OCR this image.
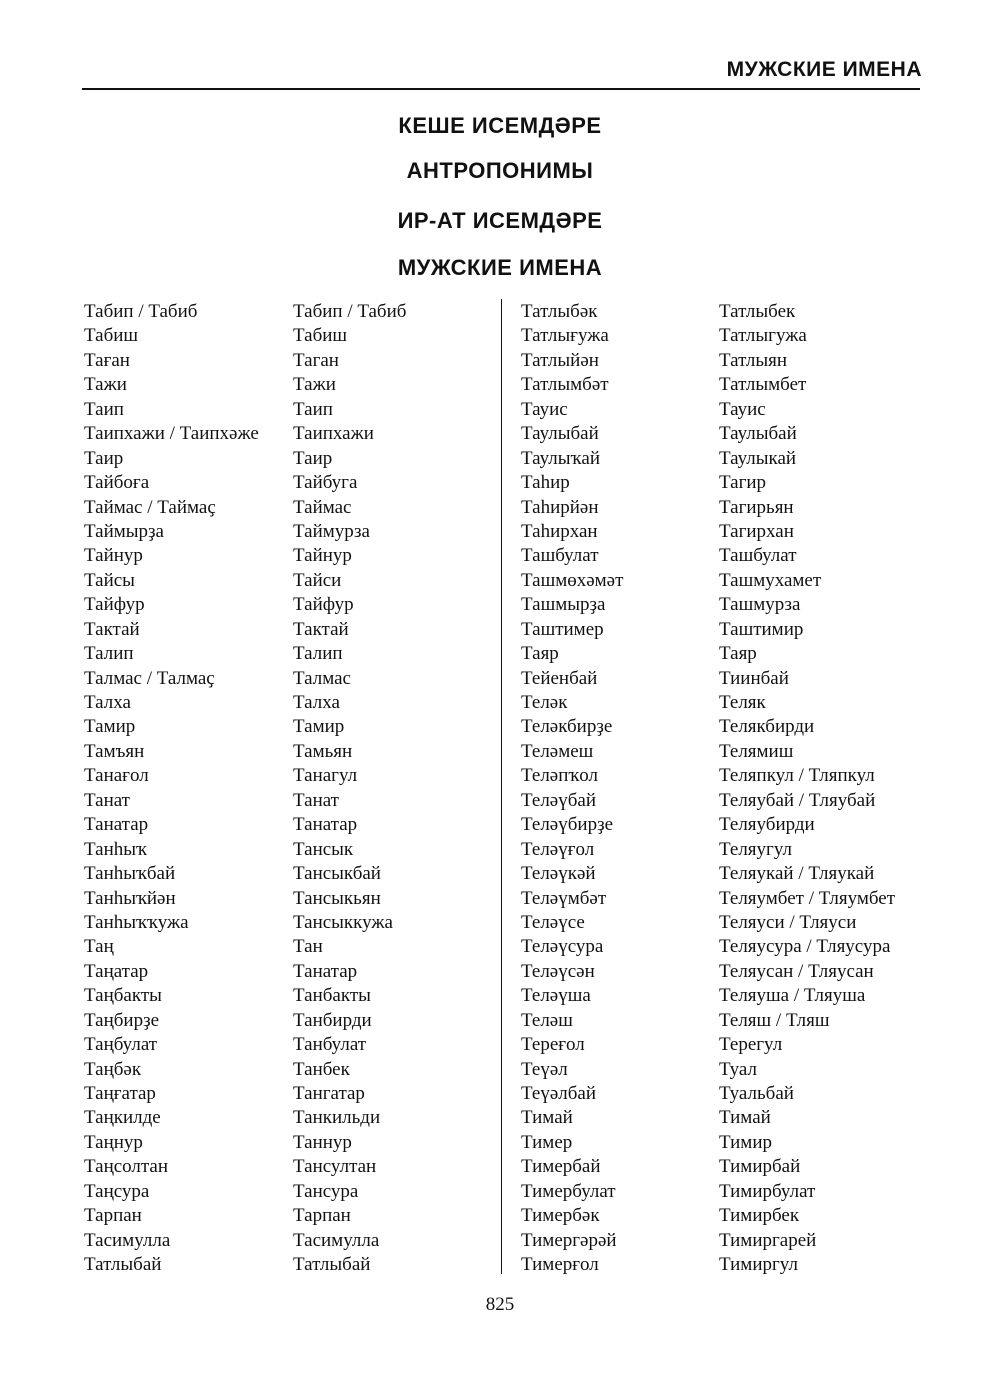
МУЖСКИЕ ИМЕНА
КЕШЕ ИСЕМДӘРЕ
АНТРОПОНИМЫ
ИР-АТ ИСЕМДӘРЕ
МУЖСКИЕ ИМЕНА
Табип / Табиб
Табиш
Таған
Тажи
Таип
Таипхажи / Таипхәже
Таир
Тайбоға
Таймас / Таймаҫ
Таймырҙа
Тайнур
Тайсы
Тайфур
Тактай
Талип
Талмас / Талмаҫ
Талха
Тамир
Тамъян
Танағол
Танат
Танатар
Танһыҡ
Танһыҡбай
Танһыҡйән
Танһыҡҡужа
Таң
Таңатар
Таңбакты
Таңбирҙе
Таңбулат
Таңбәк
Таңғатар
Таңкилде
Таңнур
Таңсолтан
Таңсура
Тарпан
Тасимулла
Татлыбай
Табип / Табиб
Табиш
Таган
Тажи
Таип
Таипхажи
Таир
Тайбуга
Таймас
Таймурза
Тайнур
Тайси
Тайфур
Тактай
Талип
Талмас
Талха
Тамир
Тамьян
Танагул
Танат
Танатар
Тансык
Тансыкбай
Тансыкьян
Тансыккужа
Тан
Танатар
Танбакты
Танбирди
Танбулат
Танбек
Тангатар
Танкильди
Таннур
Тансултан
Тансура
Тарпан
Тасимулла
Татлыбай
Татлыбәк
Татлығужа
Татлыйән
Татлымбәт
Тауис
Таулыбай
Таулыҡай
Таһир
Таһирйән
Таһирхан
Ташбулат
Ташмөхәмәт
Ташмырҙа
Таштимер
Таяр
Тейенбай
Теләк
Теләкбирҙе
Теләмеш
Теләпҡол
Теләүбай
Теләүбирҙе
Теләүғол
Теләүкәй
Теләүмбәт
Теләүсе
Теләүсура
Теләүсән
Теләүша
Теләш
Тереғол
Теүәл
Теүәлбай
Тимай
Тимер
Тимербай
Тимербулат
Тимербәк
Тимергәрәй
Тимерғол
Татлыбек
Татлыгужа
Татлыян
Татлымбет
Тауис
Таулыбай
Таулыкай
Тагир
Тагирьян
Тагирхан
Ташбулат
Ташмухамет
Ташмурза
Таштимир
Таяр
Тиинбай
Теляк
Телякбирди
Телямиш
Теляпкул / Тляпкул
Теляубай / Тляубай
Теляубирди
Теляугул
Теляукай / Тляукай
Теляумбет / Тляумбет
Теляуси / Тляуси
Теляусура / Тляусура
Теляусан / Тляусан
Теляуша / Тляуша
Теляш / Тляш
Терегул
Туал
Туальбай
Тимай
Тимир
Тимирбай
Тимирбулат
Тимирбек
Тимиргарей
Тимиргул
825
